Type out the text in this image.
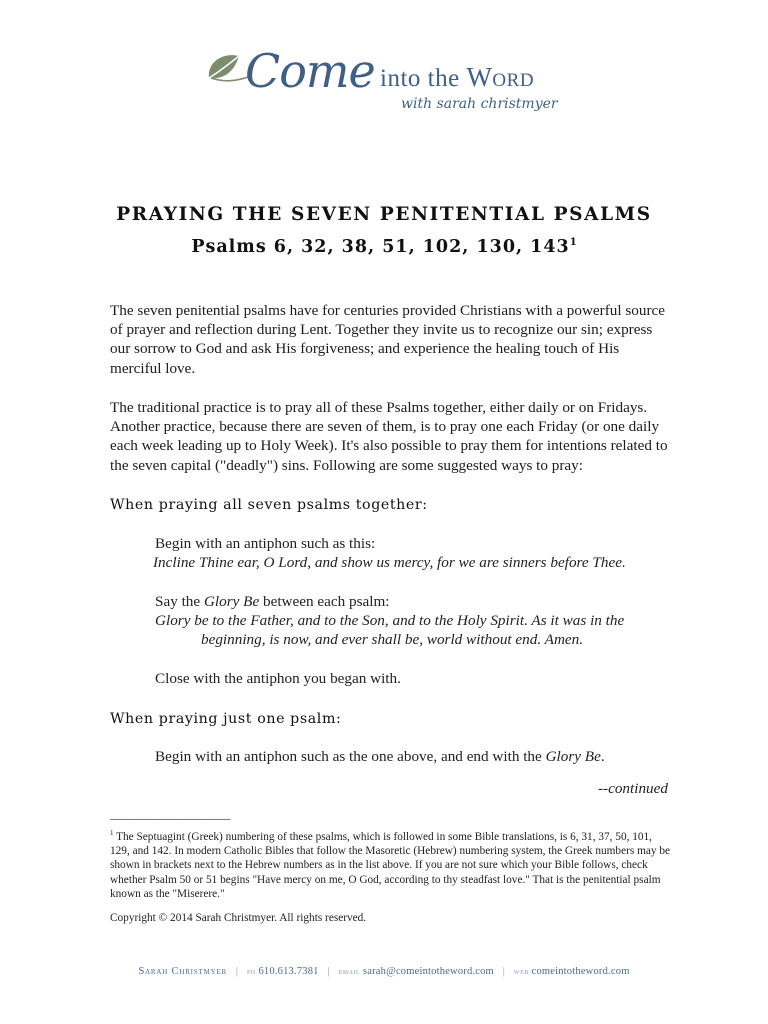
Come into the WORD
with sarah christmyer
PRAYING THE SEVEN PENITENTIAL PSALMS
Psalms 6, 32, 38, 51, 102, 130, $143^1$

The seven penitential psalms have for centuries provided Christians with a powerful source of prayer and reflection during Lent. Together they invite us to recognize our sin; express our sorrow to God and ask His forgiveness; and experience the healing touch of His merciful love.

The traditional practice is to pray all of these Psalms together, either daily or on Fridays. Another practice, because there are seven of them, is to pray one each Friday (or one daily each week leading up to Holy Week). It's also possible to pray them for intentions related to the seven capital ("deadly") sins. Following are some suggested ways to pray:

When praying all seven psalms together:
Begin with an antiphon such as this:
Incline Thine ear, O Lord, and show us mercy, for we are sinners before Thee.
Say the Glory Be between each psalm:
Glory be to the Father, and to the Son, and to the Holy Spirit. As it was in the
beginning, is now, and ever shall be, world without end. Amen.
Close with the antiphon you began with.
When praying just one psalm:
Begin with an antiphon such as the one above, and end with the Glory Be.
--continued
____________________

$^1$ The Septuagint (Greek) numbering of these psalms, which is followed in some Bible translations, is 6, 31, 37, 50, 101, 129, and 142. In modern Catholic Bibles that follow the Masoretic (Hebrew) numbering system, the Greek numbers may be shown in brackets next to the Hebrew numbers as in the list above. If you are not sure which your Bible follows, check whether Psalm 50 or 51 begins "Have mercy on me, O God, according to thy steadfast love." That is the penitential psalm known as the "Miserere."

Copyright © 2014 Sarah Christmyer. All rights reserved.

Sarah Christmyer | ph 610.613.7381 | email sarah@comeintotheword.com | web comeintotheword.com
